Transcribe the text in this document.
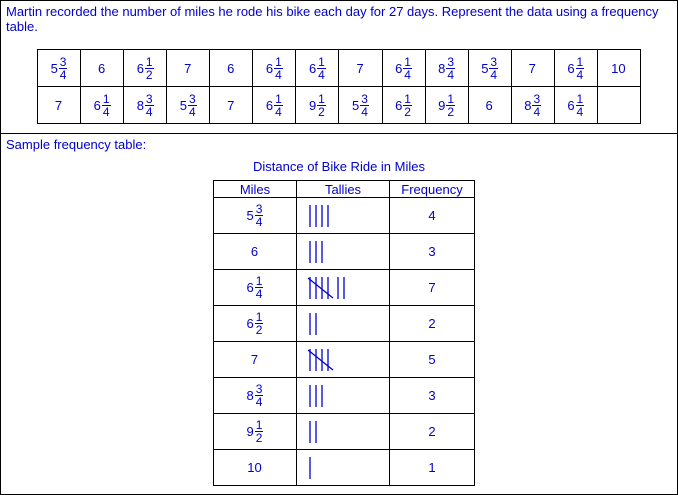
Martin recorded the number of miles he rode his bike each day for 27 days. Represent the data using a frequency table.
$5 \frac{3}{4}$	6	$6 \frac{1}{2}$	7	6	$6 \frac{1}{4}$	$6 \frac{1}{4}$	7	$6 \frac{1}{4}$	$8 \frac{3}{4}$	$5 \frac{3}{4}$	7	$6 \frac{1}{4}$	10

7	$6 \frac{1}{4}$	$8 \frac{3}{4}$	$5 \frac{3}{4}$	7	$6 \frac{1}{4}$	$9 \frac{1}{2}$	$5 \frac{3}{4}$	$6 \frac{1}{2}$	$9 \frac{1}{2}$	6	$8 \frac{3}{4}$	$6 \frac{1}{4}$

Sample frequency table:
Distance of Bike Ride in Miles
Miles	Tallies	Frequency

$5 \frac{3}{4}$		4

6		3

$6 \frac{1}{4}$		7

$6 \frac{1}{2}$		2

7		5

$8 \frac{3}{4}$		3

$9 \frac{1}{2}$		2

10		1
